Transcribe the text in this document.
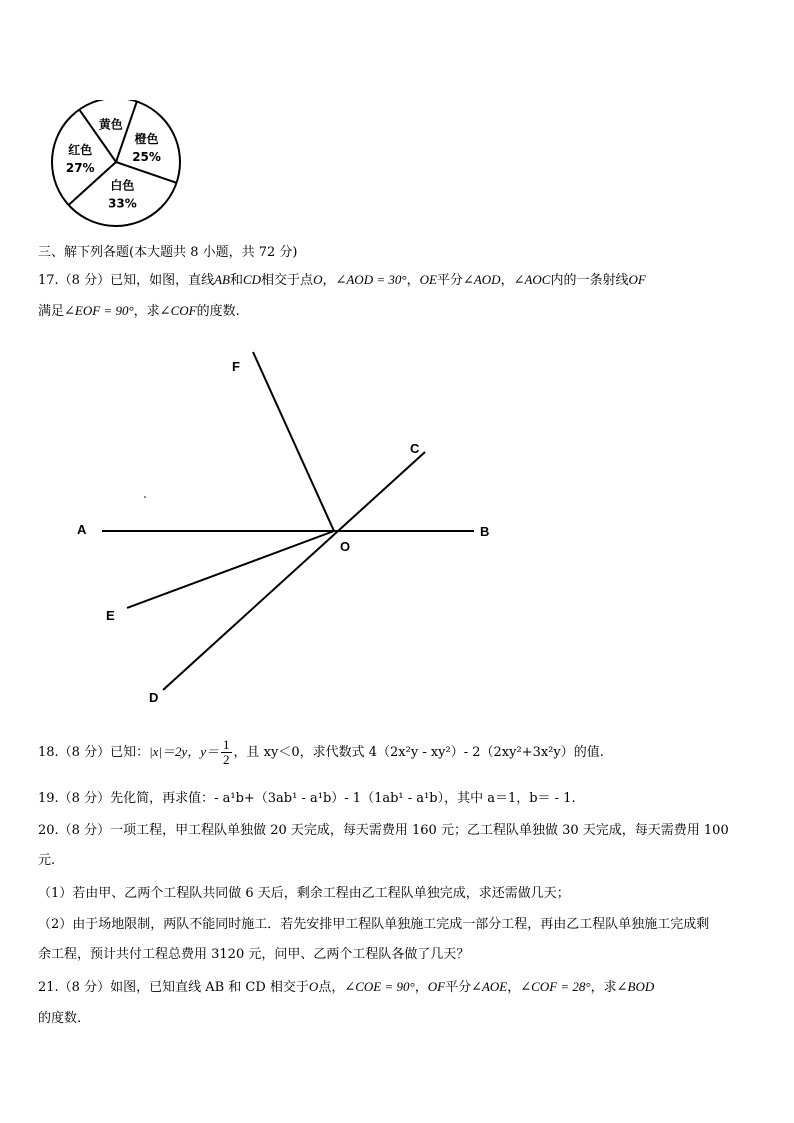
黄色
橙色
25%
白色
33%
红色
27%
三、解下列各题(本大题共 8 小题，共 72 分)
17.（8 分）已知，如图，直线AB和CD相交于点O，∠AOD = 30°，OE平分∠AOD，∠AOC内的一条射线OF
满足∠EOF = 90°，求∠COF的度数.
A	B
C
D
E
F
O
18.（8 分）已知：|x|＝2y，$y= \frac{1}{2}$ ，且 xy＜0，求代数式 4（2x²y - xy²）- 2（2xy²+3x²y）的值.
19.（8 分）先化简，再求值：- a¹b+（3ab¹ - a¹b）- 1（1ab¹ - a¹b），其中 a＝1，b＝ - 1.
20.（8 分）一项工程，甲工程队单独做 20 天完成，每天需费用 160 元；乙工程队单独做 30 天完成，每天需费用 100
元.
（1）若由甲、乙两个工程队共同做 6 天后，剩余工程由乙工程队单独完成，求还需做几天；
（2）由于场地限制，两队不能同时施工．若先安排甲工程队单独施工完成一部分工程，再由乙工程队单独施工完成剩
余工程，预计共付工程总费用 3120 元，问甲、乙两个工程队各做了几天？
21.（8 分）如图，已知直线 AB 和 CD 相交于O点，∠COE = 90°，OF平分∠AOE，∠COF = 28°，求∠BOD
的度数.
